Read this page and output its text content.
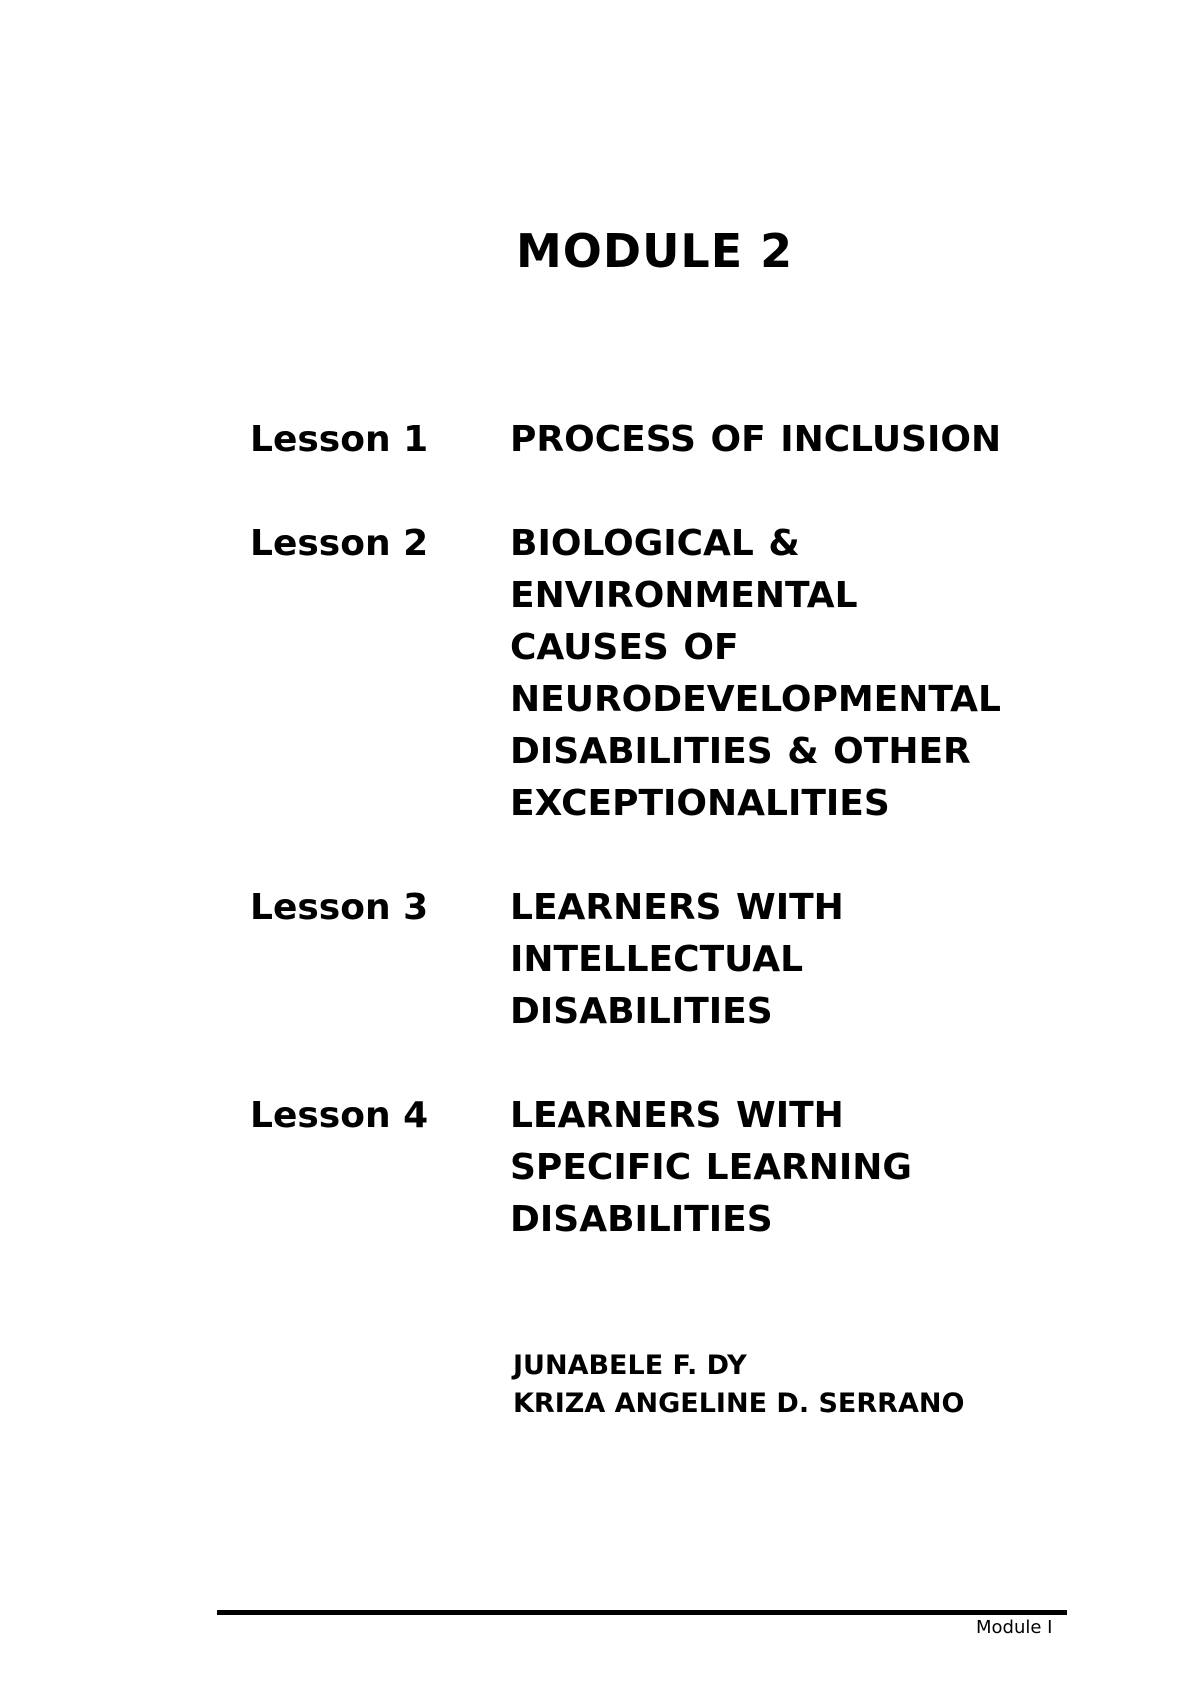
MODULE 2
Lesson 1	PROCESS OF INCLUSION
Lesson 2	BIOLOGICAL & ENVIRONMENTAL CAUSES OF NEURODEVELOPMENTAL DISABILITIES & OTHER EXCEPTIONALITIES
Lesson 3	LEARNERS WITH INTELLECTUAL DISABILITIES
Lesson 4	LEARNERS WITH SPECIFIC LEARNING DISABILITIES
JUNABELE F. DY
KRIZA ANGELINE D. SERRANO
Module I
